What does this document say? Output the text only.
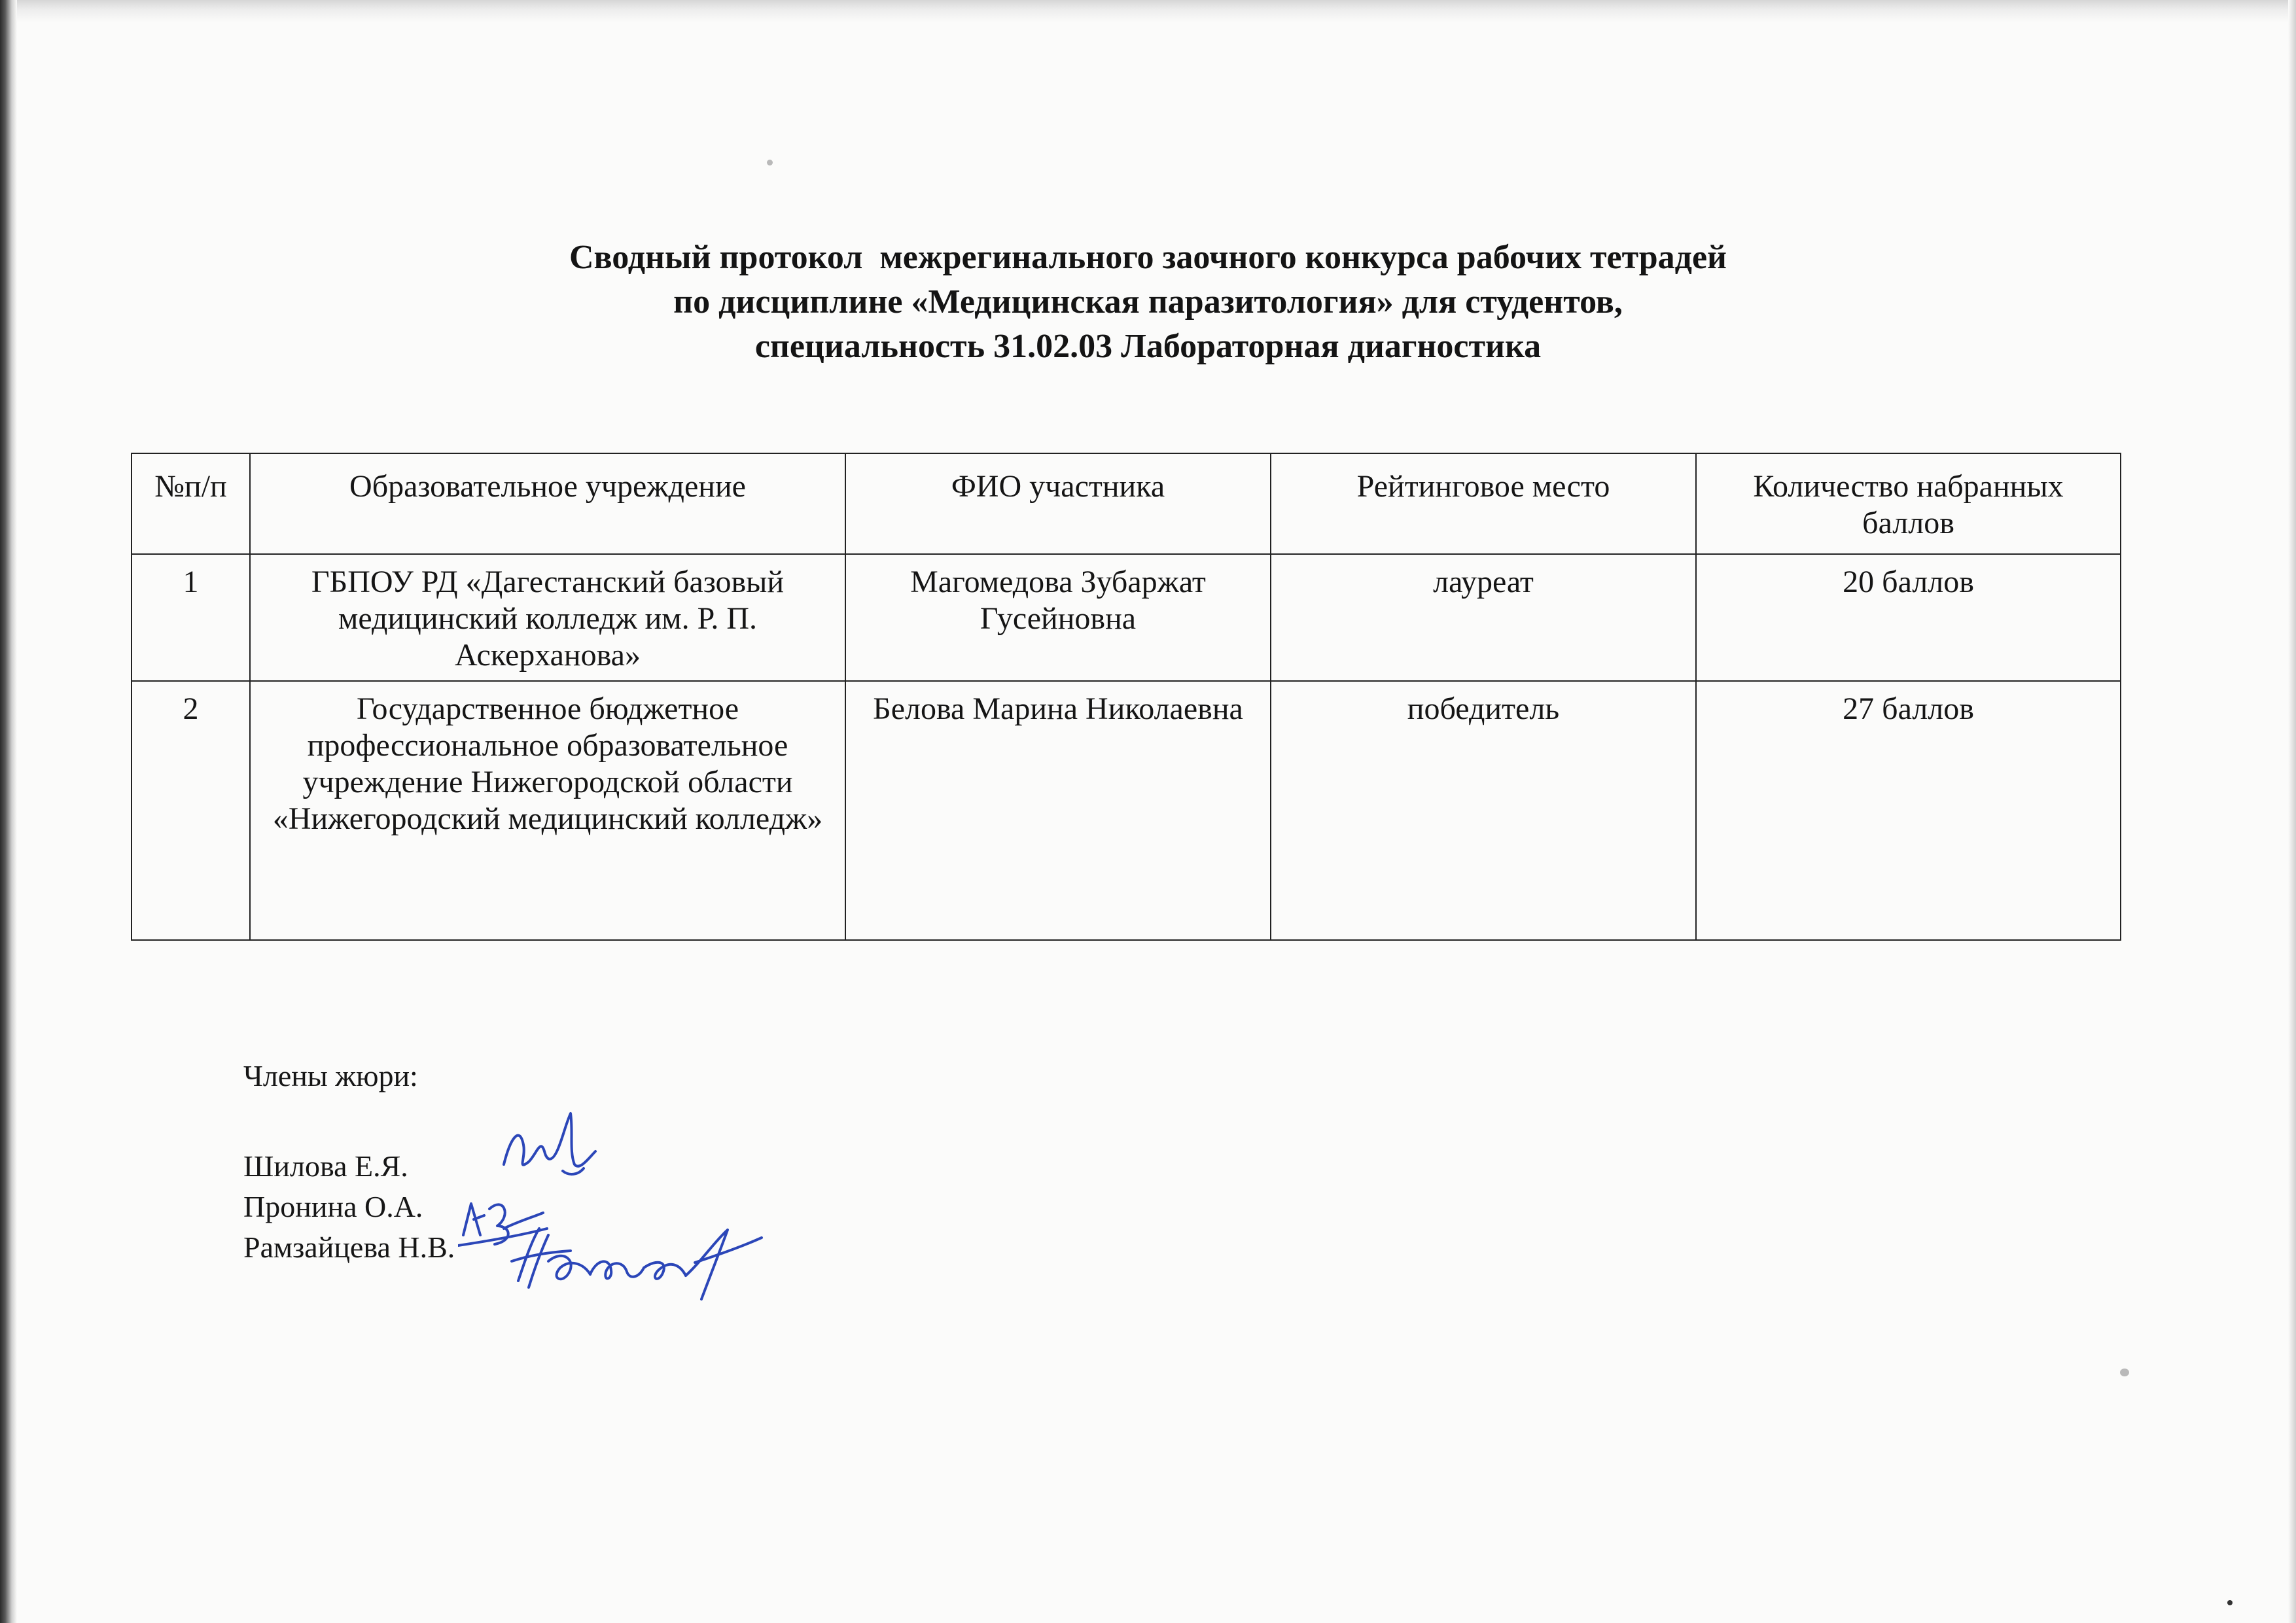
Сводный протокол  межрегинального заочного конкурса рабочих тетрадей
по дисциплине «Медицинская паразитология» для студентов,
специальность 31.02.03 Лабораторная диагностика
№п/п	Образовательное учреждение	ФИО участника	Рейтинговое место	Количество набранных баллов
1	ГБПОУ РД «Дагестанский базовый медицинский колледж им. Р. П. Аскерханова»	Магомедова Зубаржат Гусейновна	лауреат	20 баллов
2	Государственное бюджетное профессиональное образовательное учреждение Нижегородской области «Нижегородский медицинский колледж»	Белова Марина Николаевна	победитель	27 баллов
Члены жюри:
Шилова Е.Я.
Пронина О.А.
Рамзайцева Н.В.
